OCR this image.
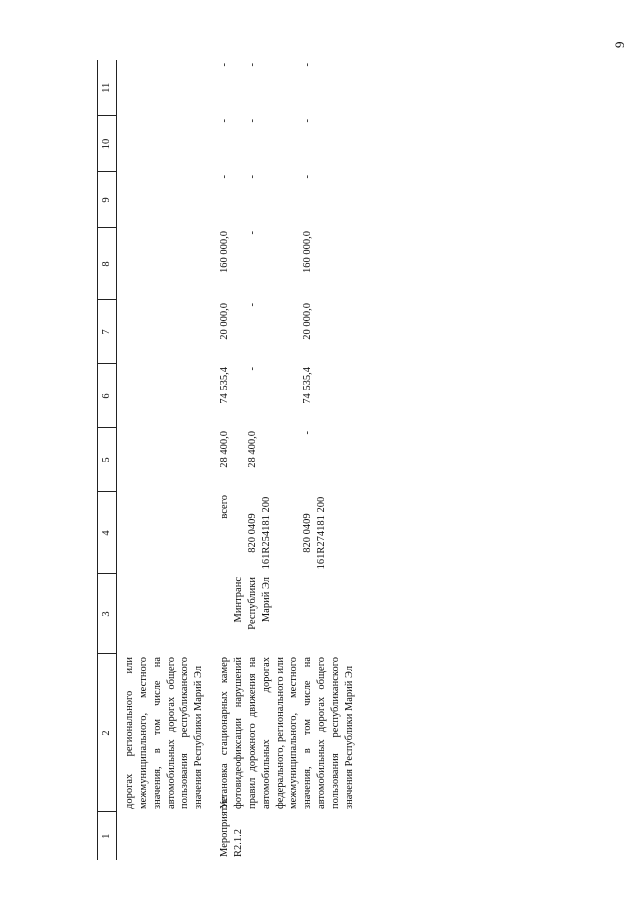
9
1	2	3	4	5	6	7	8	9	10	11
	дорогах регионального или межмуниципального, местного значения, в том числе на автомобильных дорогах общего пользования республиканского значения Республики Марий Эл									
Мероприятие R2.1.2	Установка стационарных камер фотовидеофиксации нарушений правил дорожного движения на автомобильных дорогах федерального, регионального или межмуниципального, местного значения, в том числе на автомобильных дорогах общего пользования республиканского значения Республики Марий Эл	Минтранс Республики Марий Эл	всего	28 400,0	74 535,4	20 000,0	160 000,0	-	-	-
			820 0409 161R254181 200	28 400,0	-	-	-	-	-	-
			820 0409 161R274181 200	-	74 535,4	20 000,0	160 000,0	-	-	-
